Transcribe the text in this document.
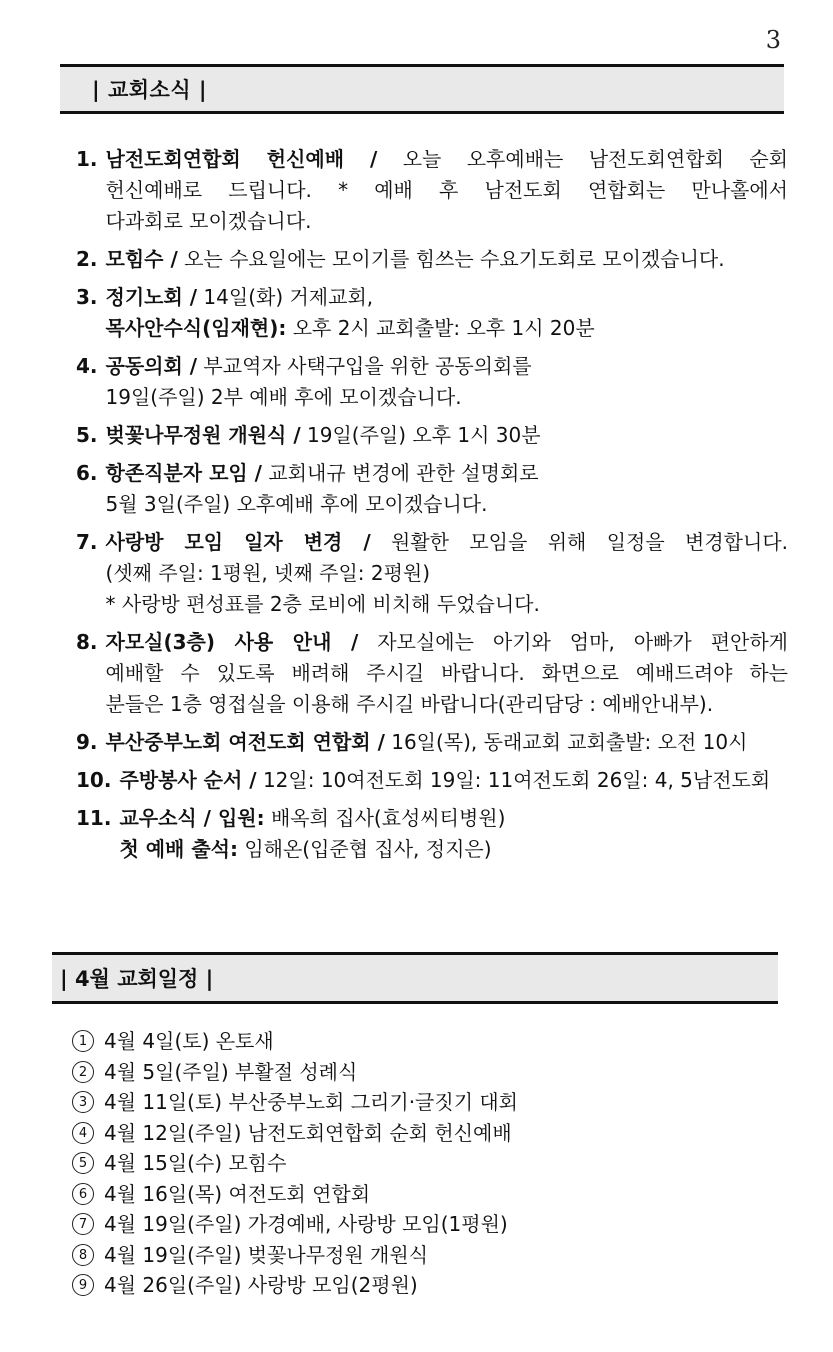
3
| 교회소식 |
1. 남전도회연합회 헌신예배 / 오늘 오후예배는 남전도회연합회 순회
헌신예배로 드립니다. * 예배 후 남전도회 연합회는 만나홀에서
다과회로 모이겠습니다.
2. 모힘수 / 오는 수요일에는 모이기를 힘쓰는 수요기도회로 모이겠습니다.
3. 정기노회 / 14일(화) 거제교회,
목사안수식(임재현): 오후 2시 교회출발: 오후 1시 20분
4. 공동의회 / 부교역자 사택구입을 위한 공동의회를
19일(주일) 2부 예배 후에 모이겠습니다.
5. 벚꽃나무정원 개원식 / 19일(주일) 오후 1시 30분
6. 항존직분자 모임 / 교회내규 변경에 관한 설명회로
5월 3일(주일) 오후예배 후에 모이겠습니다.
7. 사랑방 모임 일자 변경 / 원활한 모임을 위해 일정을 변경합니다.
(셋째 주일: 1평원, 넷째 주일: 2평원)
* 사랑방 편성표를 2층 로비에 비치해 두었습니다.
8. 자모실(3층) 사용 안내 / 자모실에는 아기와 엄마, 아빠가 편안하게
예배할 수 있도록 배려해 주시길 바랍니다. 화면으로 예배드려야 하는
분들은 1층 영접실을 이용해 주시길 바랍니다(관리담당 : 예배안내부).
9. 부산중부노회 여전도회 연합회 / 16일(목), 동래교회 교회출발: 오전 10시
10. 주방봉사 순서 / 12일: 10여전도회 19일: 11여전도회 26일: 4, 5남전도회
11. 교우소식 / 입원: 배옥희 집사(효성씨티병원)
첫 예배 출석: 임해온(입준협 집사, 정지은)
| 4월 교회일정 |
1 4월 4일(토) 온토새
2 4월 5일(주일) 부활절 성례식
3 4월 11일(토) 부산중부노회 그리기·글짓기 대회
4 4월 12일(주일) 남전도회연합회 순회 헌신예배
5 4월 15일(수) 모힘수
6 4월 16일(목) 여전도회 연합회
7 4월 19일(주일) 가경예배, 사랑방 모임(1평원)
8 4월 19일(주일) 벚꽃나무정원 개원식
9 4월 26일(주일) 사랑방 모임(2평원)
